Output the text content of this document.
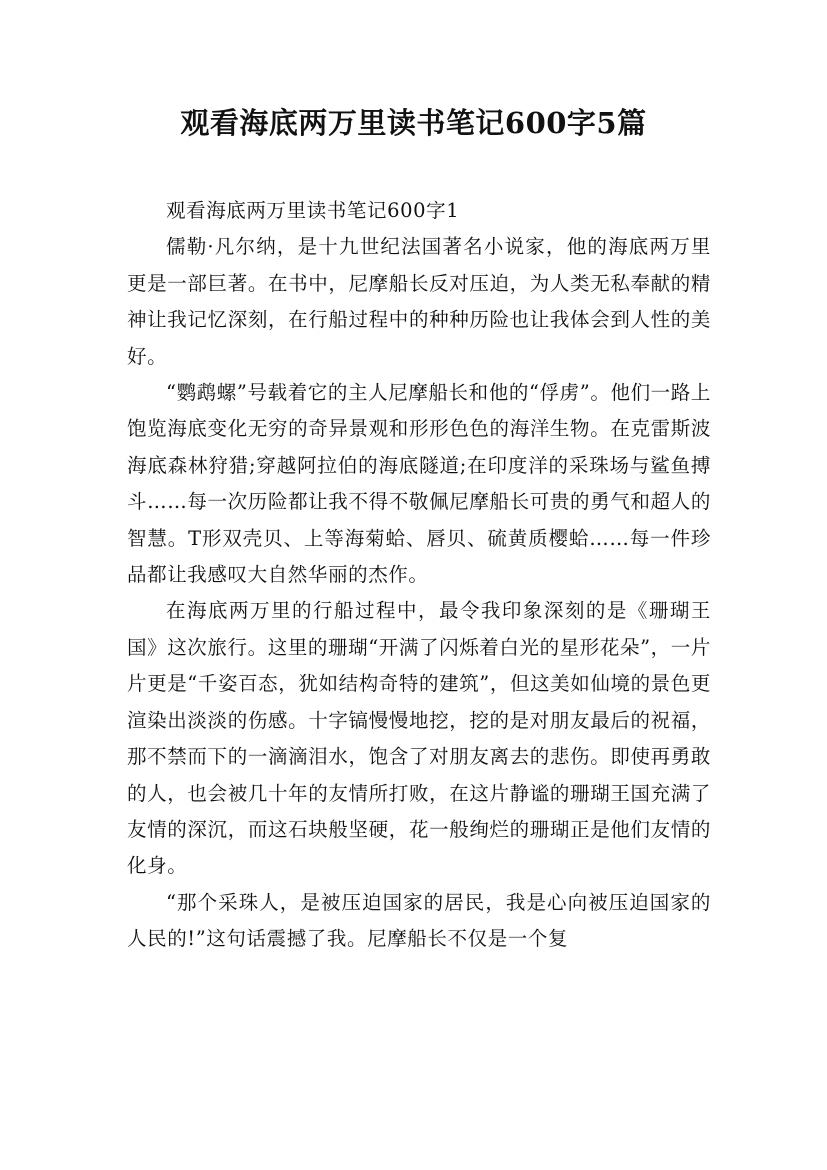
观看海底两万里读书笔记600字5篇

观看海底两万里读书笔记600字1

儒勒·凡尔纳，是十九世纪法国著名小说家，他的海底两万里更是一部巨著。在书中，尼摩船长反对压迫，为人类无私奉献的精神让我记忆深刻，在行船过程中的种种历险也让我体会到人性的美好。

“鹦鹉螺”号载着它的主人尼摩船长和他的“俘虏”。他们一路上饱览海底变化无穷的奇异景观和形形色色的海洋生物。在克雷斯波海底森林狩猎;穿越阿拉伯的海底隧道;在印度洋的采珠场与鲨鱼搏斗……每一次历险都让我不得不敬佩尼摩船长可贵的勇气和超人的智慧。T形双壳贝、上等海菊蛤、唇贝、硫黄质樱蛤……每一件珍品都让我感叹大自然华丽的杰作。

在海底两万里的行船过程中，最令我印象深刻的是《珊瑚王国》这次旅行。这里的珊瑚“开满了闪烁着白光的星形花朵”，一片片更是“千姿百态，犹如结构奇特的建筑”，但这美如仙境的景色更渲染出淡淡的伤感。十字镐慢慢地挖，挖的是对朋友最后的祝福，那不禁而下的一滴滴泪水，饱含了对朋友离去的悲伤。即使再勇敢的人，也会被几十年的友情所打败，在这片静谧的珊瑚王国充满了友情的深沉，而这石块般坚硬，花一般绚烂的珊瑚正是他们友情的化身。

“那个采珠人，是被压迫国家的居民，我是心向被压迫国家的人民的!”这句话震撼了我。尼摩船长不仅是一个复
